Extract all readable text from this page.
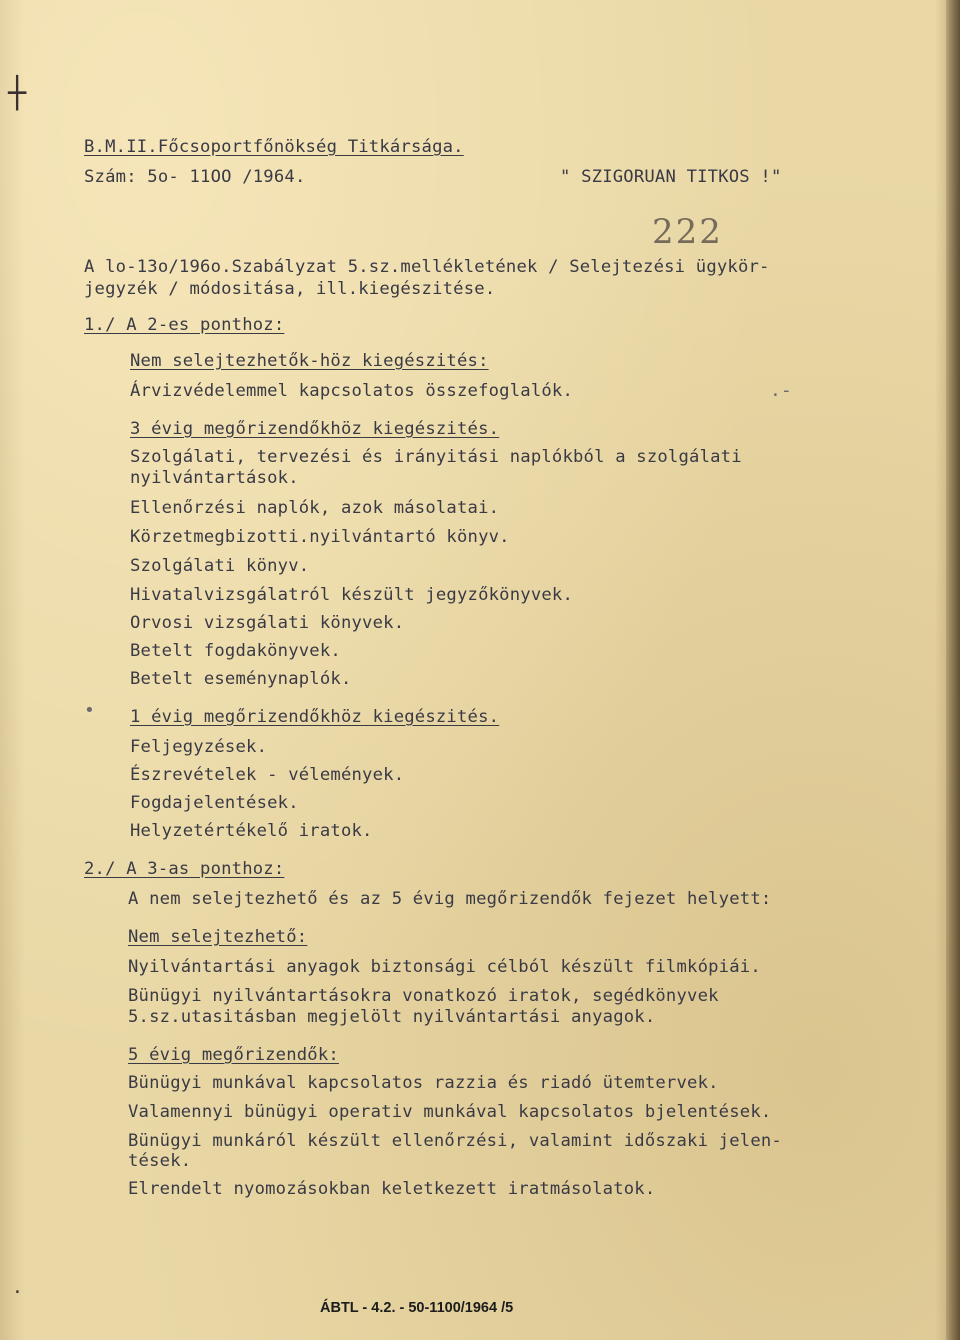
B.M.II.Főcsoportfőnökség Titkársága.
Szám: 5o- 11OO /1964.	" SZIGORUAN TITKOS !"
222
A lo-13o/196o.Szabályzat 5.sz.mellékletének / Selejtezési ügykör-
jegyzék / módositása, ill.kiegészitése.
1./ A 2-es ponthoz:
Nem selejtezhetők-höz kiegészités:
Árvizvédelemmel kapcsolatos összefoglalók.
3 évig megőrizendőkhöz kiegészités.
Szolgálati, tervezési és irányitási naplókból a szolgálati
nyilvántartások.
Ellenőrzési naplók, azok másolatai.
Körzetmegbizotti.nyilvántartó könyv.
Szolgálati könyv.
Hivatalvizsgálatról készült jegyzőkönyvek.
Orvosi vizsgálati könyvek.
Betelt fogdakönyvek.
Betelt eseménynaplók.
1 évig megőrizendőkhöz kiegészités.
Feljegyzések.
Észrevételek - vélemények.
Fogdajelentések.
Helyzetértékelő iratok.
2./ A 3-as ponthoz:
A nem selejtezhető és az 5 évig megőrizendők fejezet helyett:
Nem selejtezhető:
Nyilvántartási anyagok biztonsági célból készült filmkópiái.
Bünügyi nyilvántartásokra vonatkozó iratok, segédkönyvek
5.sz.utasitásban megjelölt nyilvántartási anyagok.
5 évig megőrizendők:
Bünügyi munkával kapcsolatos razzia és riadó ütemtervek.
Valamennyi bünügyi operativ munkával kapcsolatos bjelentések.
Bünügyi munkáról készült ellenőrzési, valamint időszaki jelen-
tések.
Elrendelt nyomozásokban keletkezett iratmásolatok.
ÁBTL - 4.2. - 50-1100/1964 /5
┼
·
.-
•
